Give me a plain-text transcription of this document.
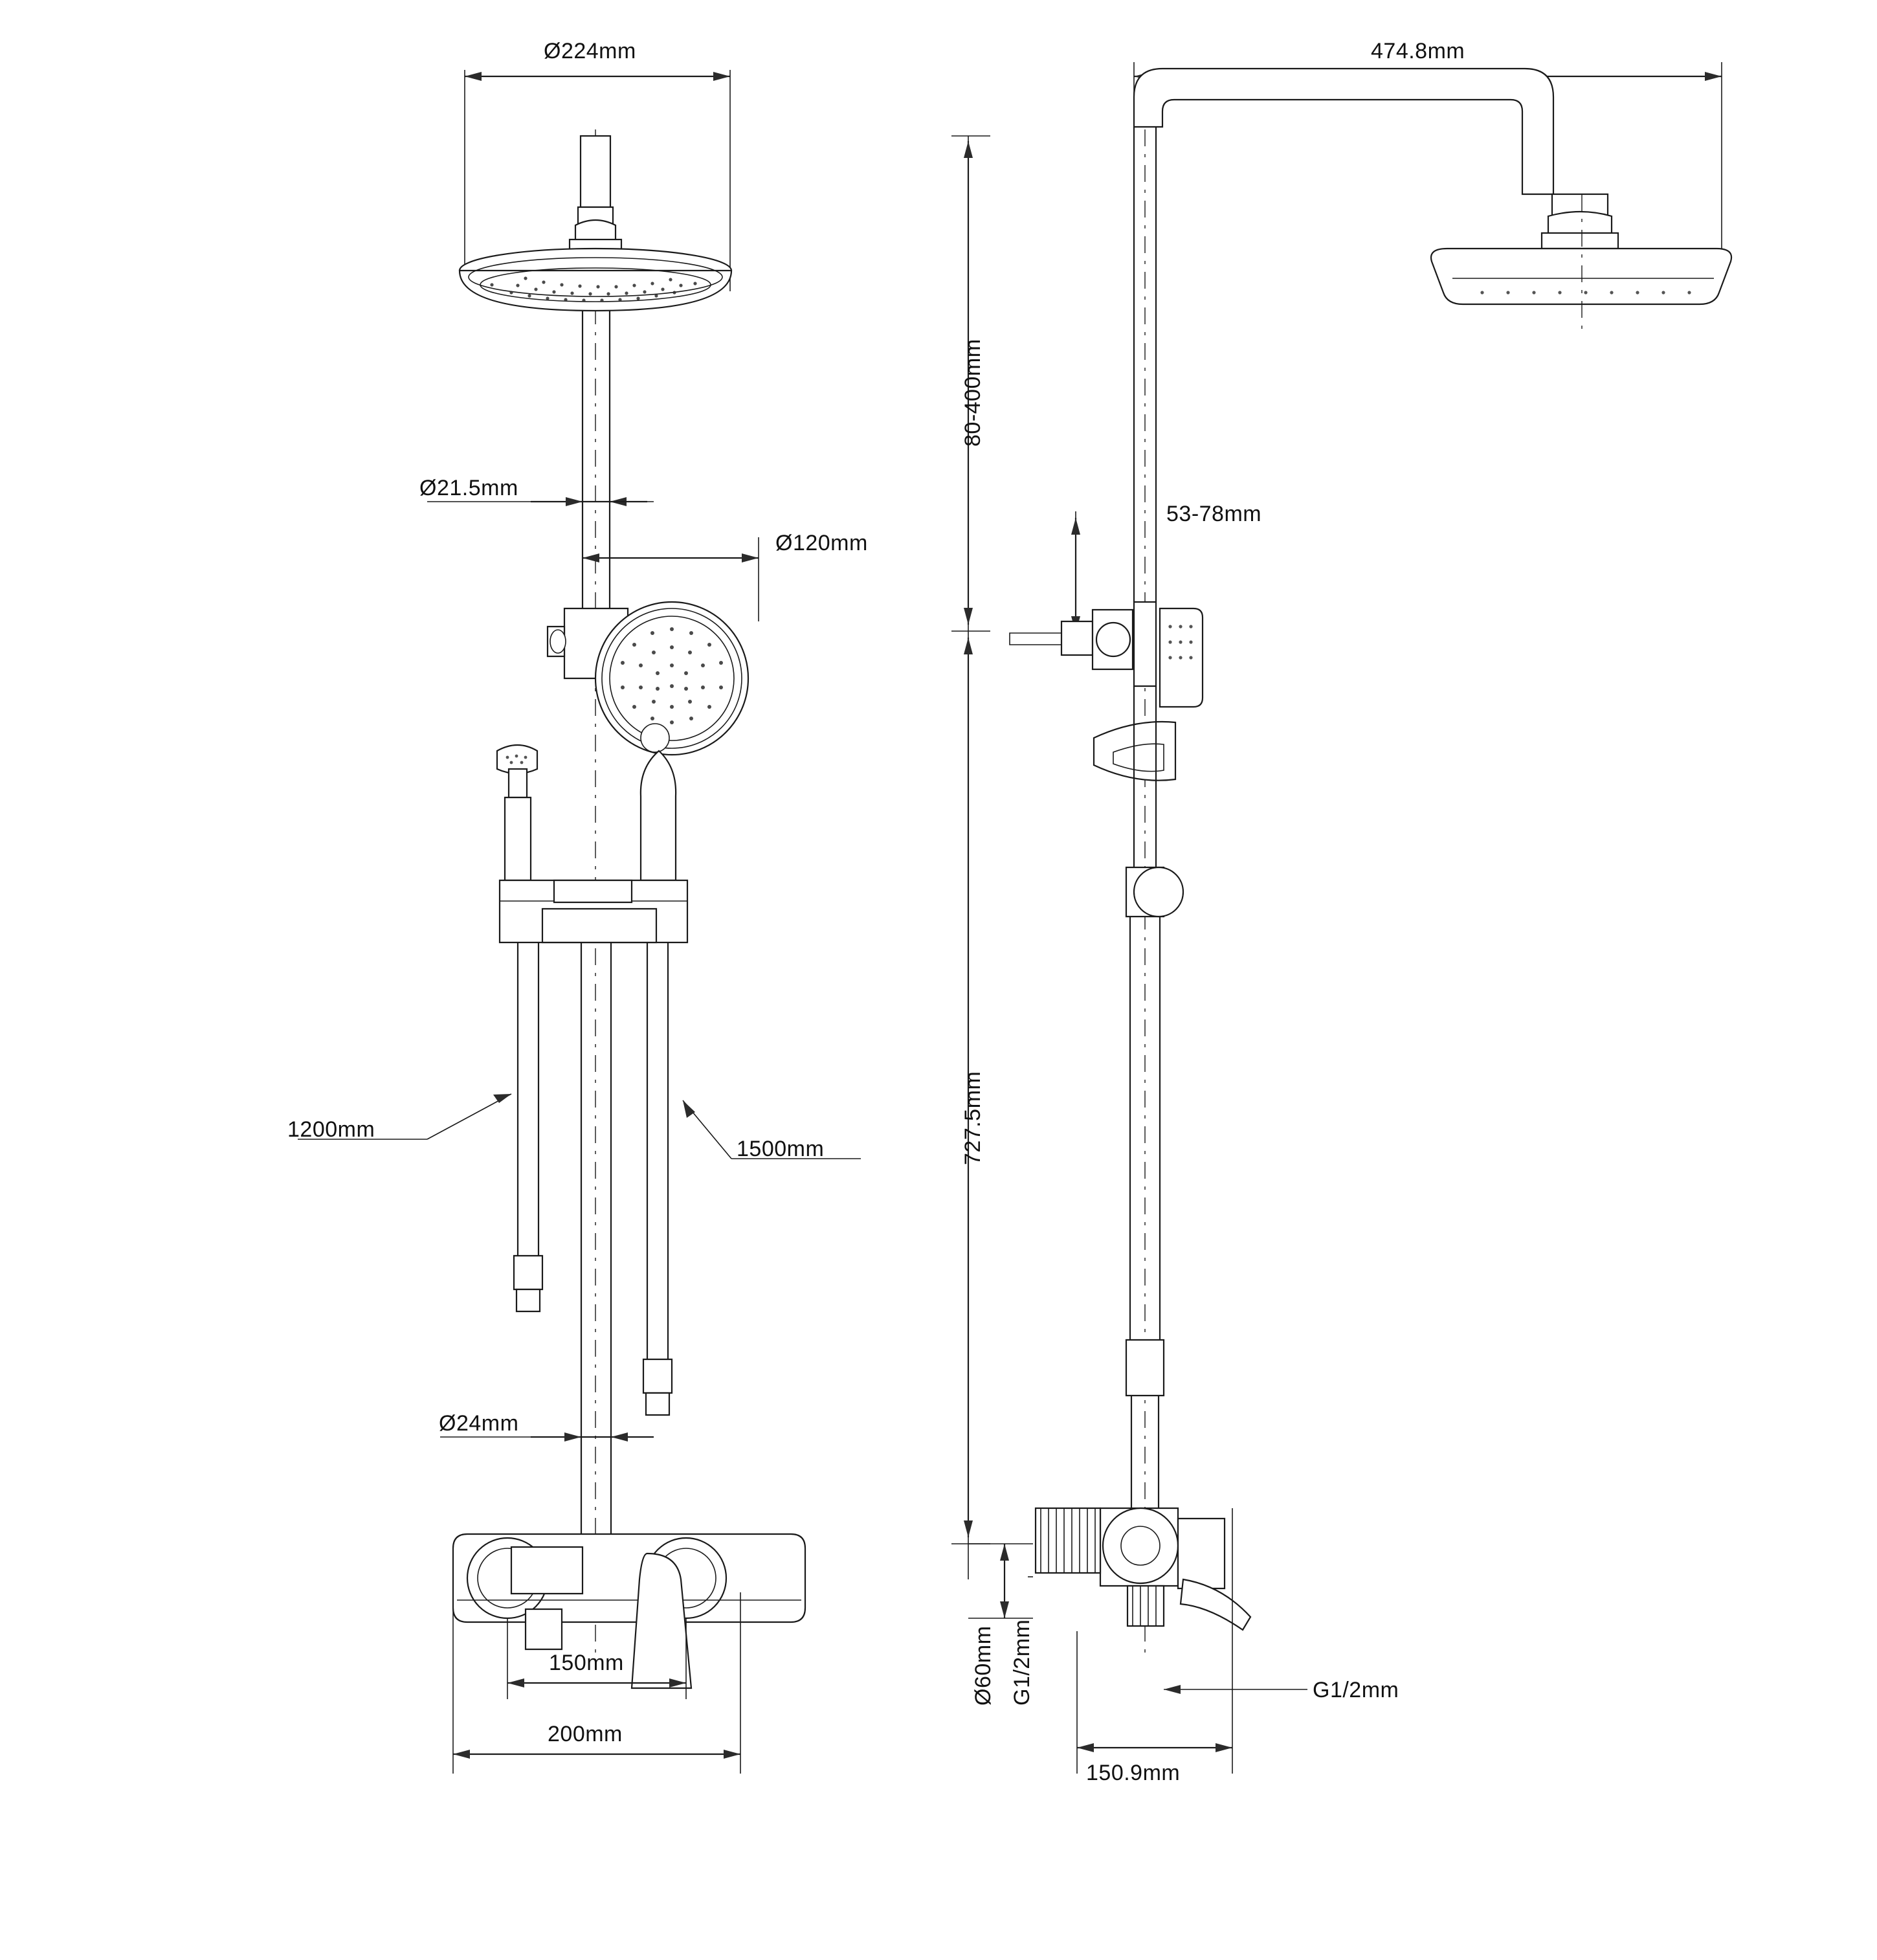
Ø224mm
Ø21.5mm
Ø120mm
1200mm
1500mm
Ø24mm
150mm
200mm
474.8mm
80-400mm
53-78mm
727.5mm
Ø60mm G1/2mm	G1/2mm
150.9mm
